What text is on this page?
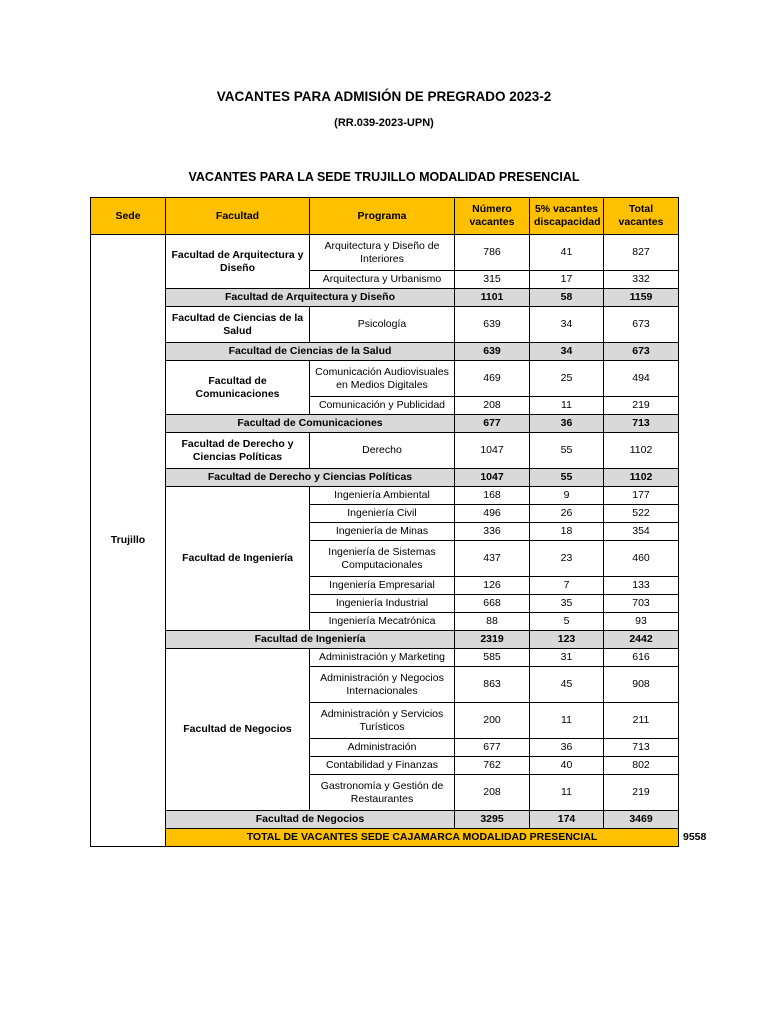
VACANTES PARA ADMISIÓN DE PREGRADO 2023-2
(RR.039-2023-UPN)
VACANTES PARA LA SEDE TRUJILLO MODALIDAD PRESENCIAL
Sede	Facultad	Programa	Número vacantes	5% vacantes discapacidad	Total vacantes	
Trujillo	Facultad de Arquitectura y Diseño	Arquitectura y Diseño de Interiores	786	41	827	
		Arquitectura y Urbanismo	315	17	332	
	Facultad de Arquitectura y Diseño		1101	58	1159	
	Facultad de Ciencias de la Salud	Psicología	639	34	673	
	Facultad de Ciencias de la Salud		639	34	673	
	Facultad de Comunicaciones	Comunicación Audiovisuales en Medios Digitales	469	25	494	
		Comunicación y Publicidad	208	11	219	
	Facultad de Comunicaciones		677	36	713	
	Facultad de Derecho y Ciencias Políticas	Derecho	1047	55	1102	
	Facultad de Derecho y Ciencias Políticas		1047	55	1102	
	Facultad de Ingeniería	Ingeniería Ambiental	168	9	177	
		Ingeniería Civil	496	26	522	
		Ingeniería de Minas	336	18	354	
		Ingeniería de Sistemas Computacionales	437	23	460	
		Ingeniería Empresarial	126	7	133	
		Ingeniería Industrial	668	35	703	
		Ingeniería Mecatrónica	88	5	93	
	Facultad de Ingeniería		2319	123	2442	
	Facultad de Negocios	Administración y Marketing	585	31	616	
		Administración y Negocios Internacionales	863	45	908	
		Administración y Servicios Turísticos	200	11	211	
		Administración	677	36	713	
		Contabilidad y Finanzas	762	40	802	
		Gastronomía y Gestión de Restaurantes	208	11	219	
	Facultad de Negocios		3295	174	3469	
	TOTAL DE VACANTES SEDE CAJAMARCA MODALIDAD PRESENCIAL					9558
